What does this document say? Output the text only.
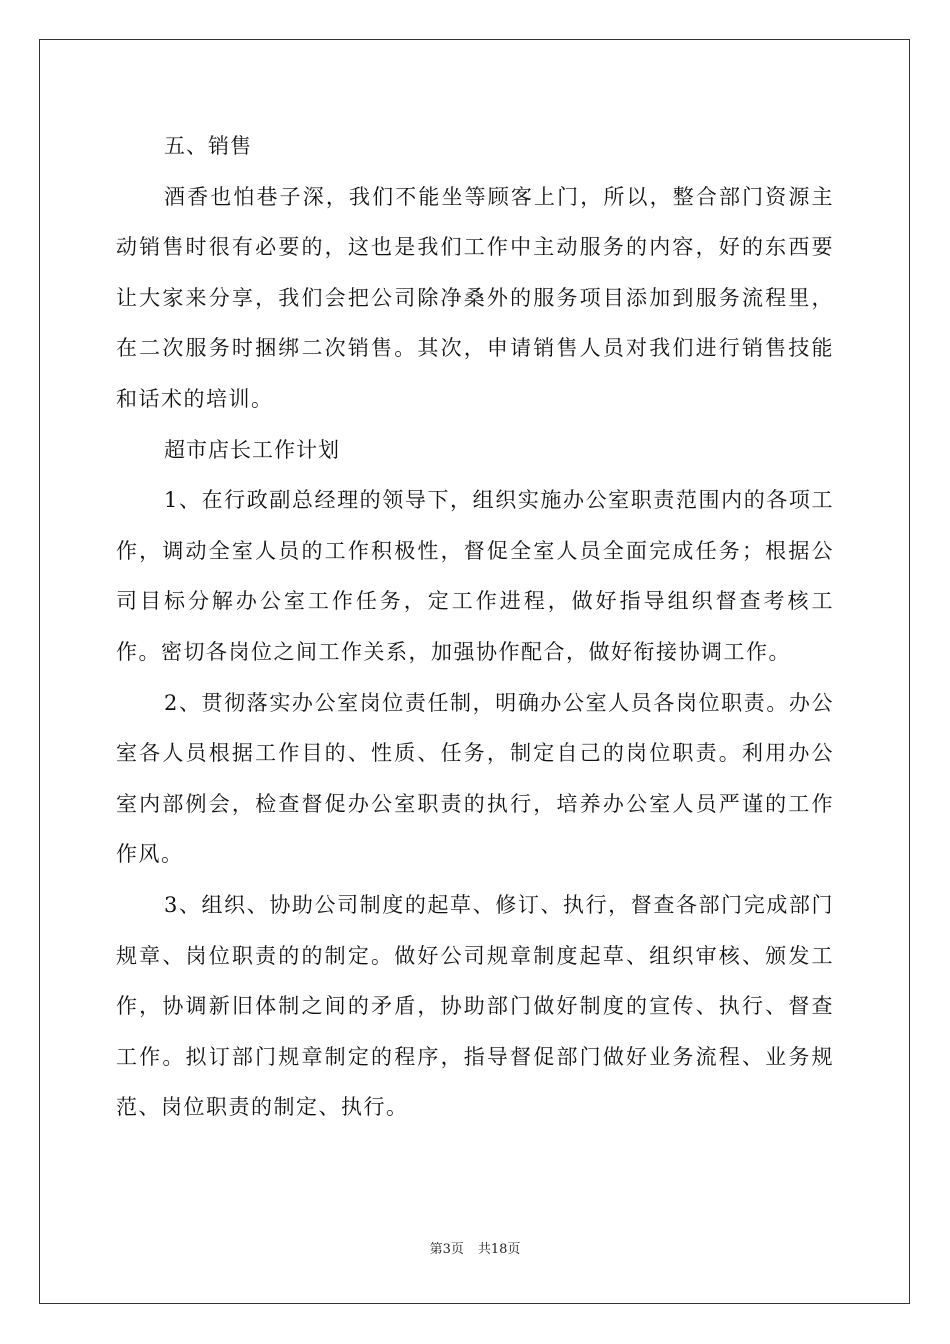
五、销售

酒香也怕巷子深，我们不能坐等顾客上门，所以，整合部门资源主动销售时很有必要的，这也是我们工作中主动服务的内容，好的东西要让大家来分享，我们会把公司除净桑外的服务项目添加到服务流程里，在二次服务时捆绑二次销售。其次，申请销售人员对我们进行销售技能和话术的培训。

超市店长工作计划

1、在行政副总经理的领导下，组织实施办公室职责范围内的各项工作，调动全室人员的工作积极性，督促全室人员全面完成任务；根据公司目标分解办公室工作任务，定工作进程，做好指导组织督查考核工作。密切各岗位之间工作关系，加强协作配合，做好衔接协调工作。

2、贯彻落实办公室岗位责任制，明确办公室人员各岗位职责。办公室各人员根据工作目的、性质、任务，制定自己的岗位职责。利用办公室内部例会，检查督促办公室职责的执行，培养办公室人员严谨的工作作风。

3、组织、协助公司制度的起草、修订、执行，督查各部门完成部门规章、岗位职责的的制定。做好公司规章制度起草、组织审核、颁发工作，协调新旧体制之间的矛盾，协助部门做好制度的宣传、执行、督查工作。拟订部门规章制定的程序，指导督促部门做好业务流程、业务规范、岗位职责的制定、执行。

第3页 共18页
